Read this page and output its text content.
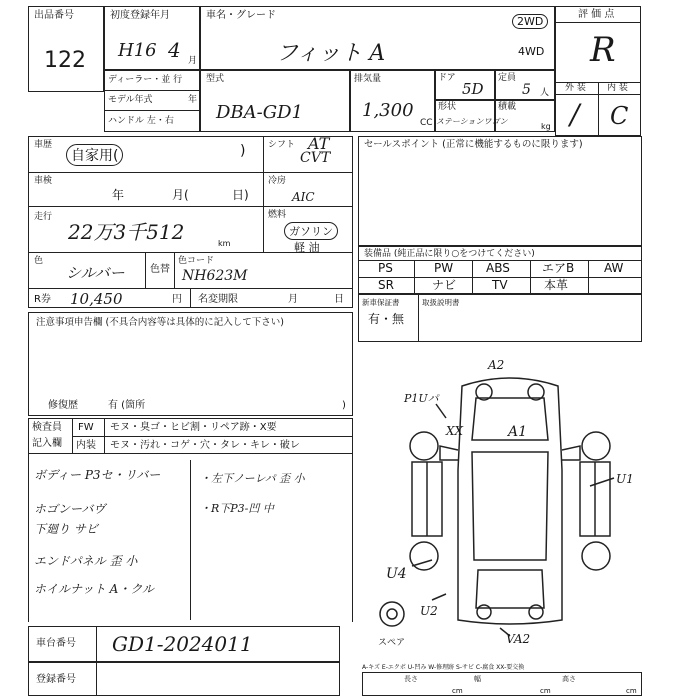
出品番号
122
初度登録年月
H16 4 月
車名・グレード
フィット A
2WD
4WD
評 価 点
R
外 装 内 装
/ C
ディーラー・並 行
モデル年式	年
ハンドル 左・右
型式
DBA-GD1
排気量
1,300
CC
ドア
5D
定員
5 人
形状
ステーションワゴン
積載
kg
車歴
自家用(	)	シフト AT
CVT
車検
年	月(	日)
冷房
AIC
走行
22万3千512	km
燃料
ガソリン
軽 油
色
シルバー	色替
色コード
NH623M
R券 10,450	円 名変期限	月	日
注意事項申告欄 (不具合内容等は具体的に記入して下さい)
修復歴	有 (箇所	)
検査員
記入欄
FW モヌ・臭ゴ・ヒビ割・リペア跡・X要
内装 モヌ・汚れ・コゲ・穴・タレ・キレ・破レ
ボディー P3セ・リバー
ホゴンーバヴ
下廻り サビ
エンドパネル 歪 小
ホイルナット A・クル
・左下ノーレパ 歪 小
・R下P3-凹 中
セールスポイント (正常に機能するものに限ります)
装備品 (純正品に限り○をつけてください)
PS	PW	ABS	エアB AW
SR	ナビ	TV	本革
新車保証書
有・無
取扱説明書
A2
P1Uパ
XX	A1
U1
U4
U2
VA2
スペア
A-キズ E-エクボ U-凹み W-修理跡 S-サビ C-腐食 XX-要交換
車台番号 GD1-2024011
登録番号	長さ
cm
幅
cm
高さ
cm
